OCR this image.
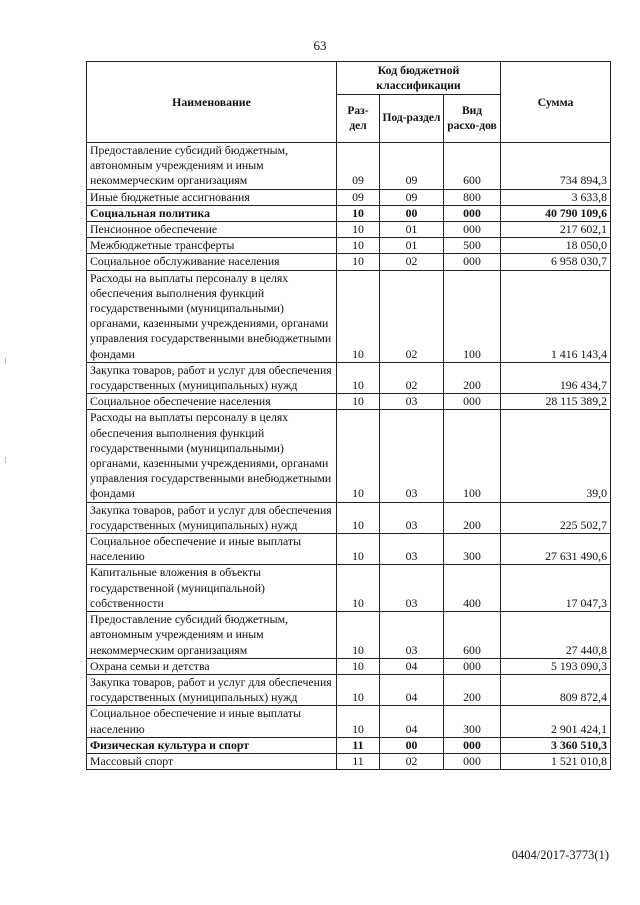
63
⁝
⁝
Наименование	Код бюджетной классификации			Сумма
	Раз-дел	Под-раздел	Вид расхо-дов	
Предоставление субсидий бюджетным, автономным учреждениям и иным некоммерческим организациям	09	09	600	734 894,3
Иные бюджетные ассигнования	09	09	800	3 633,8
Социальная политика	10	00	000	40 790 109,6
Пенсионное обеспечение	10	01	000	217 602,1
Межбюджетные трансферты	10	01	500	18 050,0
Социальное обслуживание населения	10	02	000	6 958 030,7
Расходы на выплаты персоналу в целях обеспечения выполнения функций государственными (муниципальными) органами, казенными учреждениями, органами управления государственными внебюджетными фондами	10	02	100	1 416 143,4
Закупка товаров, работ и услуг для обеспечения государственных (муниципальных) нужд	10	02	200	196 434,7
Социальное обеспечение населения	10	03	000	28 115 389,2
Расходы на выплаты персоналу в целях обеспечения выполнения функций государственными (муниципальными) органами, казенными учреждениями, органами управления государственными внебюджетными фондами	10	03	100	39,0
Закупка товаров, работ и услуг для обеспечения государственных (муниципальных) нужд	10	03	200	225 502,7
Социальное обеспечение и иные выплаты населению	10	03	300	27 631 490,6
Капитальные вложения в объекты государственной (муниципальной) собственности	10	03	400	17 047,3
Предоставление субсидий бюджетным, автономным учреждениям и иным некоммерческим организациям	10	03	600	27 440,8
Охрана семьи и детства	10	04	000	5 193 090,3
Закупка товаров, работ и услуг для обеспечения государственных (муниципальных) нужд	10	04	200	809 872,4
Социальное обеспечение и иные выплаты населению	10	04	300	2 901 424,1
Физическая культура и спорт	11	00	000	3 360 510,3
Массовый спорт	11	02	000	1 521 010,8
0404/2017-3773(1)
